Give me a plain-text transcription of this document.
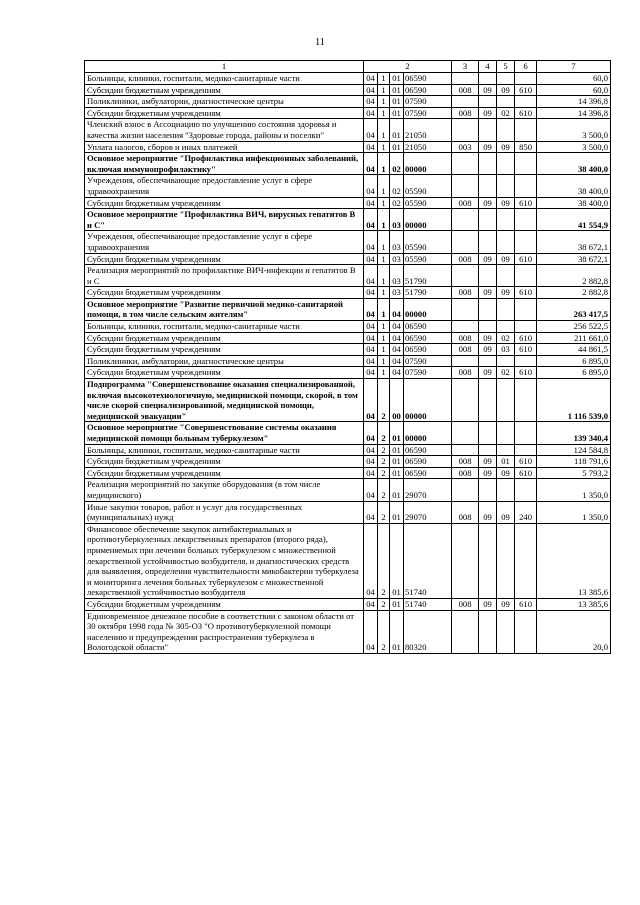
11
1	2				3	4	5	6	7
Больницы, клиники, госпитали, медико-санитарные части	04	1	01	06590					60,0
Субсидии бюджетным учреждениям	04	1	01	06590	008	09	09	610	60,0
Поликлиники, амбулатории, диагностические центры	04	1	01	07590					14 396,8
Субсидии бюджетным учреждениям	04	1	01	07590	008	09	02	610	14 396,8
Членский взнос в Ассоциацию по улучшению состояния здоровья и качества жизни населения "Здоровые города, районы и поселки"	04	1	01	21050					3 500,0
Уплата налогов, сборов и иных платежей	04	1	01	21050	003	09	09	850	3 500,0
Основное мероприятие "Профилактика инфекционных заболеваний, включая иммунопрофилактику"	04	1	02	00000					38 400,0
Учреждения, обеспечивающие предоставление услуг в сфере здравоохранения	04	1	02	05590					38 400,0
Субсидии бюджетным учреждениям	04	1	02	05590	008	09	09	610	38 400,0
Основное мероприятие "Профилактика ВИЧ, вирусных гепатитов В и С"	04	1	03	00000					41 554,9
Учреждения, обеспечивающие предоставление услуг в сфере здравоохранения	04	1	03	05590					38 672,1
Субсидии бюджетным учреждениям	04	1	03	05590	008	09	09	610	38 672,1
Реализация мероприятий по профилактике ВИЧ-инфекции и гепатитов В и С	04	1	03	51790					2 882,8
Субсидии бюджетным учреждениям	04	1	03	51790	008	09	09	610	2 882,8
Основное мероприятие "Развитие первичной медико-санитарной помощи, в том числе сельским жителям"	04	1	04	00000					263 417,5
Больницы, клиники, госпитали, медико-санитарные части	04	1	04	06590					256 522,5
Субсидии бюджетным учреждениям	04	1	04	06590	008	09	02	610	211 661,0
Субсидии бюджетным учреждениям	04	1	04	06590	008	09	03	610	44 861,5
Поликлиники, амбулатории, диагностические центры	04	1	04	07590					6 895,0
Субсидии бюджетным учреждениям	04	1	04	07590	008	09	02	610	6 895,0
Подпрограмма "Совершенствование оказания специализированной, включая высокотехнологичную, медицинской помощи, скорой, в том числе скорой специализированной, медицинской помощи, медицинской эвакуации"	04	2	00	00000					1 116 539,0
Основное мероприятие "Совершенствование системы оказания медицинской помощи больным туберкулезом"	04	2	01	00000					139 340,4
Больницы, клиники, госпитали, медико-санитарные части	04	2	01	06590					124 584,8
Субсидии бюджетным учреждениям	04	2	01	06590	008	09	01	610	118 791,6
Субсидии бюджетным учреждениям	04	2	01	06590	008	09	09	610	5 793,2
Реализация мероприятий по закупке оборудования (в том числе медицинского)	04	2	01	29070					1 350,0
Иные закупки товаров, работ и услуг для государственных (муниципальных) нужд	04	2	01	29070	008	09	09	240	1 350,0
Финансовое обеспечение закупок антибактериальных и противотуберкулезных лекарственных препаратов (второго ряда), применяемых при лечении больных туберкулезом с множественной лекарственной устойчивостью возбудителя, и диагностических средств для выявления, определения чувствительности микобактерии туберкулеза и мониторинга лечения больных туберкулезом с множественной лекарственной устойчивостью возбудителя	04	2	01	51740					13 385,6
Субсидии бюджетным учреждениям	04	2	01	51740	008	09	09	610	13 385,6
Единовременное денежное пособие в соответствии с законом области от 30 октября 1998 года № 305-ОЗ "О противотуберкулезной помощи населению и предупреждении распространения туберкулеза в Вологодской области"	04	2	01	80320					20,0
